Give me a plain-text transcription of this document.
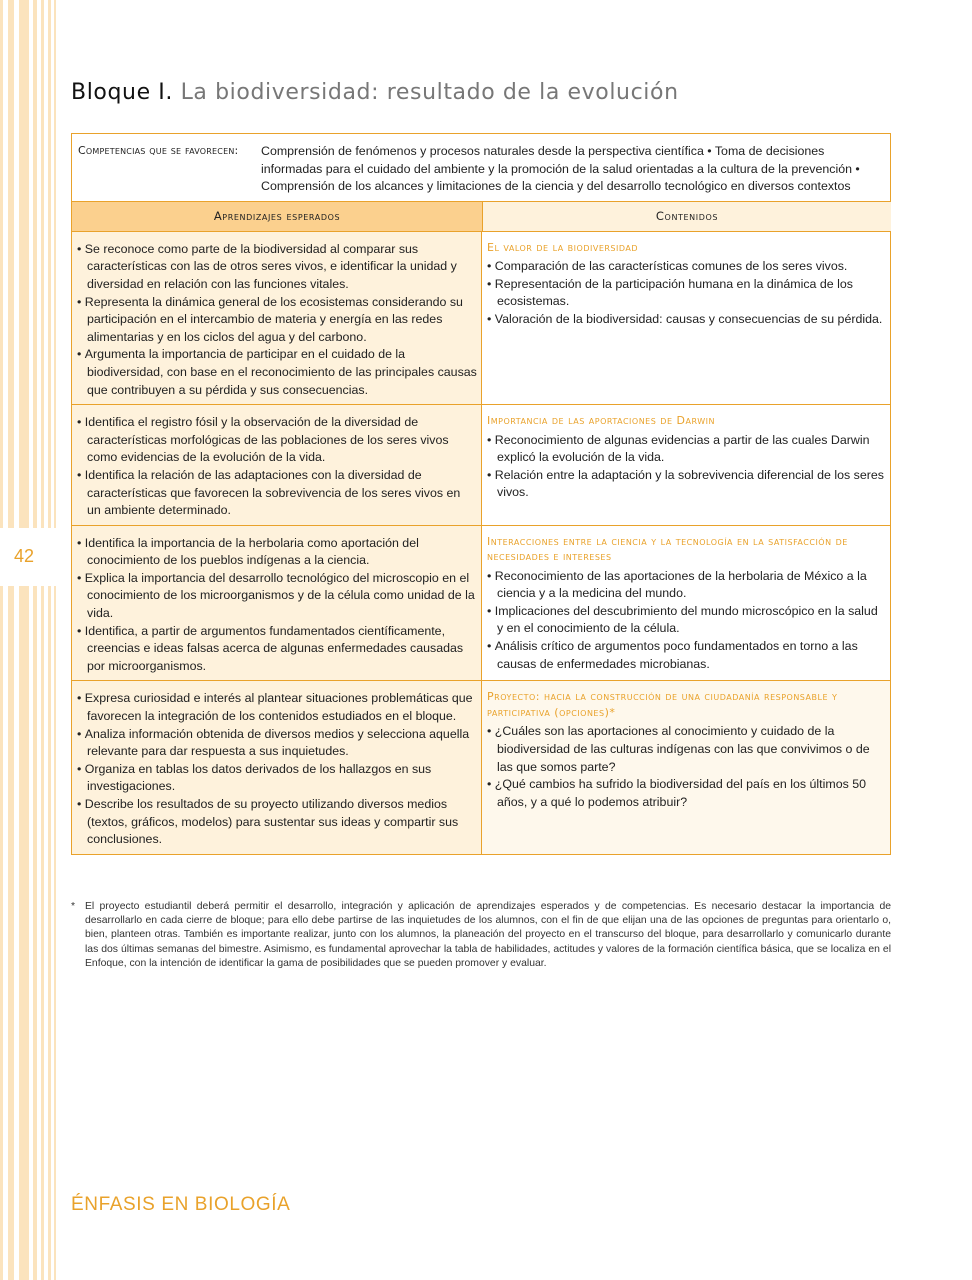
42
Bloque I. La biodiversidad: resultado de la evolución
Competencias que se favorecen:	Comprensión de fenómenos y procesos naturales desde la perspectiva científica • Toma de decisiones informadas para el cuidado del ambiente y la promoción de la salud orientadas a la cultura de la prevención • Comprensión de los alcances y limitaciones de la ciencia y del desarrollo tecnológico en diversos contextos
Aprendizajes esperados	Contenidos
• Se reconoce como parte de la biodiversidad al comparar sus características con las de otros seres vivos, e identificar la unidad y diversidad en relación con las funciones vitales.
• Representa la dinámica general de los ecosistemas considerando su participación en el intercambio de materia y energía en las redes alimentarias y en los ciclos del agua y del carbono.
• Argumenta la importancia de participar en el cuidado de la biodiversidad, con base en el reconocimiento de las principales causas que contribuyen a su pérdida y sus consecuencias.
El valor de la biodiversidad
• Comparación de las características comunes de los seres vivos.
• Representación de la participación humana en la dinámica de los ecosistemas.
• Valoración de la biodiversidad: causas y consecuencias de su pérdida.
• Identifica el registro fósil y la observación de la diversidad de características morfológicas de las poblaciones de los seres vivos como evidencias de la evolución de la vida.
• Identifica la relación de las adaptaciones con la diversidad de características que favorecen la sobrevivencia de los seres vivos en un ambiente determinado.
Importancia de las aportaciones de Darwin
• Reconocimiento de algunas evidencias a partir de las cuales Darwin explicó la evolución de la vida.
• Relación entre la adaptación y la sobrevivencia diferencial de los seres vivos.
• Identifica la importancia de la herbolaria como aportación del conocimiento de los pueblos indígenas a la ciencia.
• Explica la importancia del desarrollo tecnológico del microscopio en el conocimiento de los microorganismos y de la célula como unidad de la vida.
• Identifica, a partir de argumentos fundamentados científicamente, creencias e ideas falsas acerca de algunas enfermedades causadas por microorganismos.
Interacciones entre la ciencia y la tecnología en la satisfacción de necesidades e intereses
• Reconocimiento de las aportaciones de la herbolaria de México a la ciencia y a la medicina del mundo.
• Implicaciones del descubrimiento del mundo microscópico en la salud y en el conocimiento de la célula.
• Análisis crítico de argumentos poco fundamentados en torno a las causas de enfermedades microbianas.
• Expresa curiosidad e interés al plantear situaciones problemáticas que favorecen la integración de los contenidos estudiados en el bloque.
• Analiza información obtenida de diversos medios y selecciona aquella relevante para dar respuesta a sus inquietudes.
• Organiza en tablas los datos derivados de los hallazgos en sus investigaciones.
• Describe los resultados de su proyecto utilizando diversos medios (textos, gráficos, modelos) para sustentar sus ideas y compartir sus conclusiones.
Proyecto: hacia la construcción de una ciudadanía responsable y participativa (opciones)*
• ¿Cuáles son las aportaciones al conocimiento y cuidado de la biodiversidad de las culturas indígenas con las que convivimos o de las que somos parte?
• ¿Qué cambios ha sufrido la biodiversidad del país en los últimos 50 años, y a qué lo podemos atribuir?
* El proyecto estudiantil deberá permitir el desarrollo, integración y aplicación de aprendizajes esperados y de competencias. Es necesario destacar la importancia de desarrollarlo en cada cierre de bloque; para ello debe partirse de las inquietudes de los alumnos, con el fin de que elijan una de las opciones de preguntas para orientarlo o, bien, planteen otras. También es importante realizar, junto con los alumnos, la planeación del proyecto en el transcurso del bloque, para desarrollarlo y comunicarlo durante las dos últimas semanas del bimestre. Asimismo, es fundamental aprovechar la tabla de habilidades, actitudes y valores de la formación científica básica, que se localiza en el Enfoque, con la intención de identificar la gama de posibilidades que se pueden promover y evaluar.
ÉNFASIS EN BIOLOGÍA
